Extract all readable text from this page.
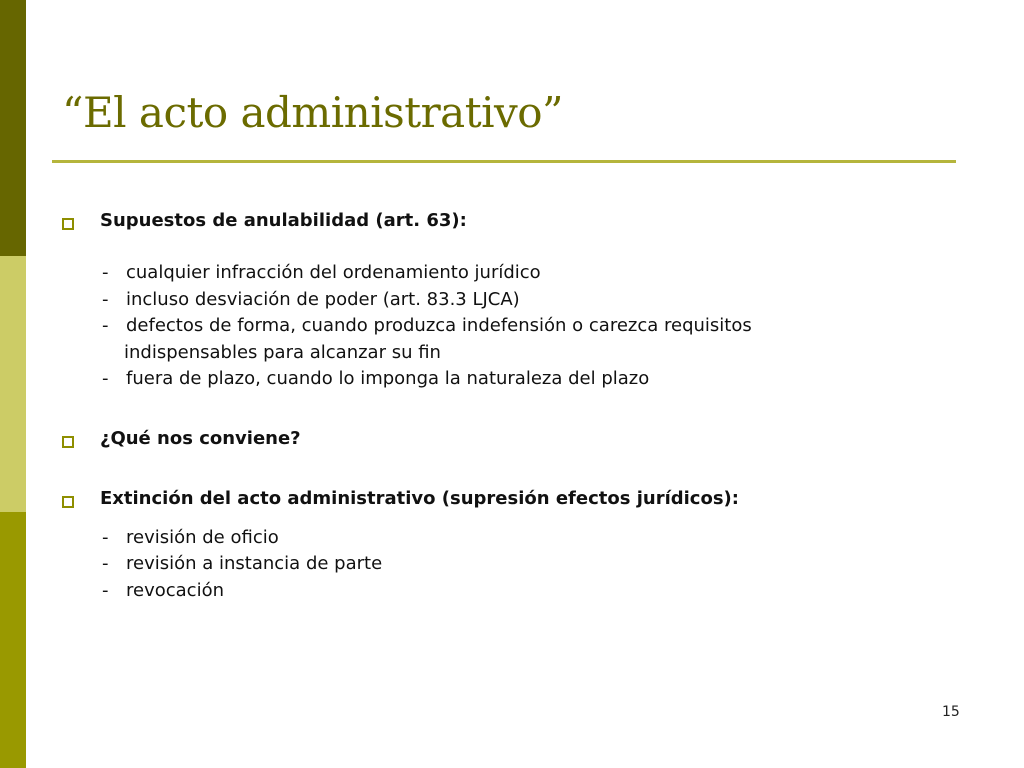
“El acto administrativo”
Supuestos de anulabilidad (art. 63):
- cualquier infracción del ordenamiento jurídico
- incluso desviación de poder (art. 83.3 LJCA)
- defectos de forma, cuando produzca indefensión o carezca requisitos
indispensables para alcanzar su fin
- fuera de plazo, cuando lo imponga la naturaleza del plazo
¿Qué nos conviene?
Extinción del acto administrativo (supresión efectos jurídicos):
- revisión de oficio
- revisión a instancia de parte
- revocación
15
